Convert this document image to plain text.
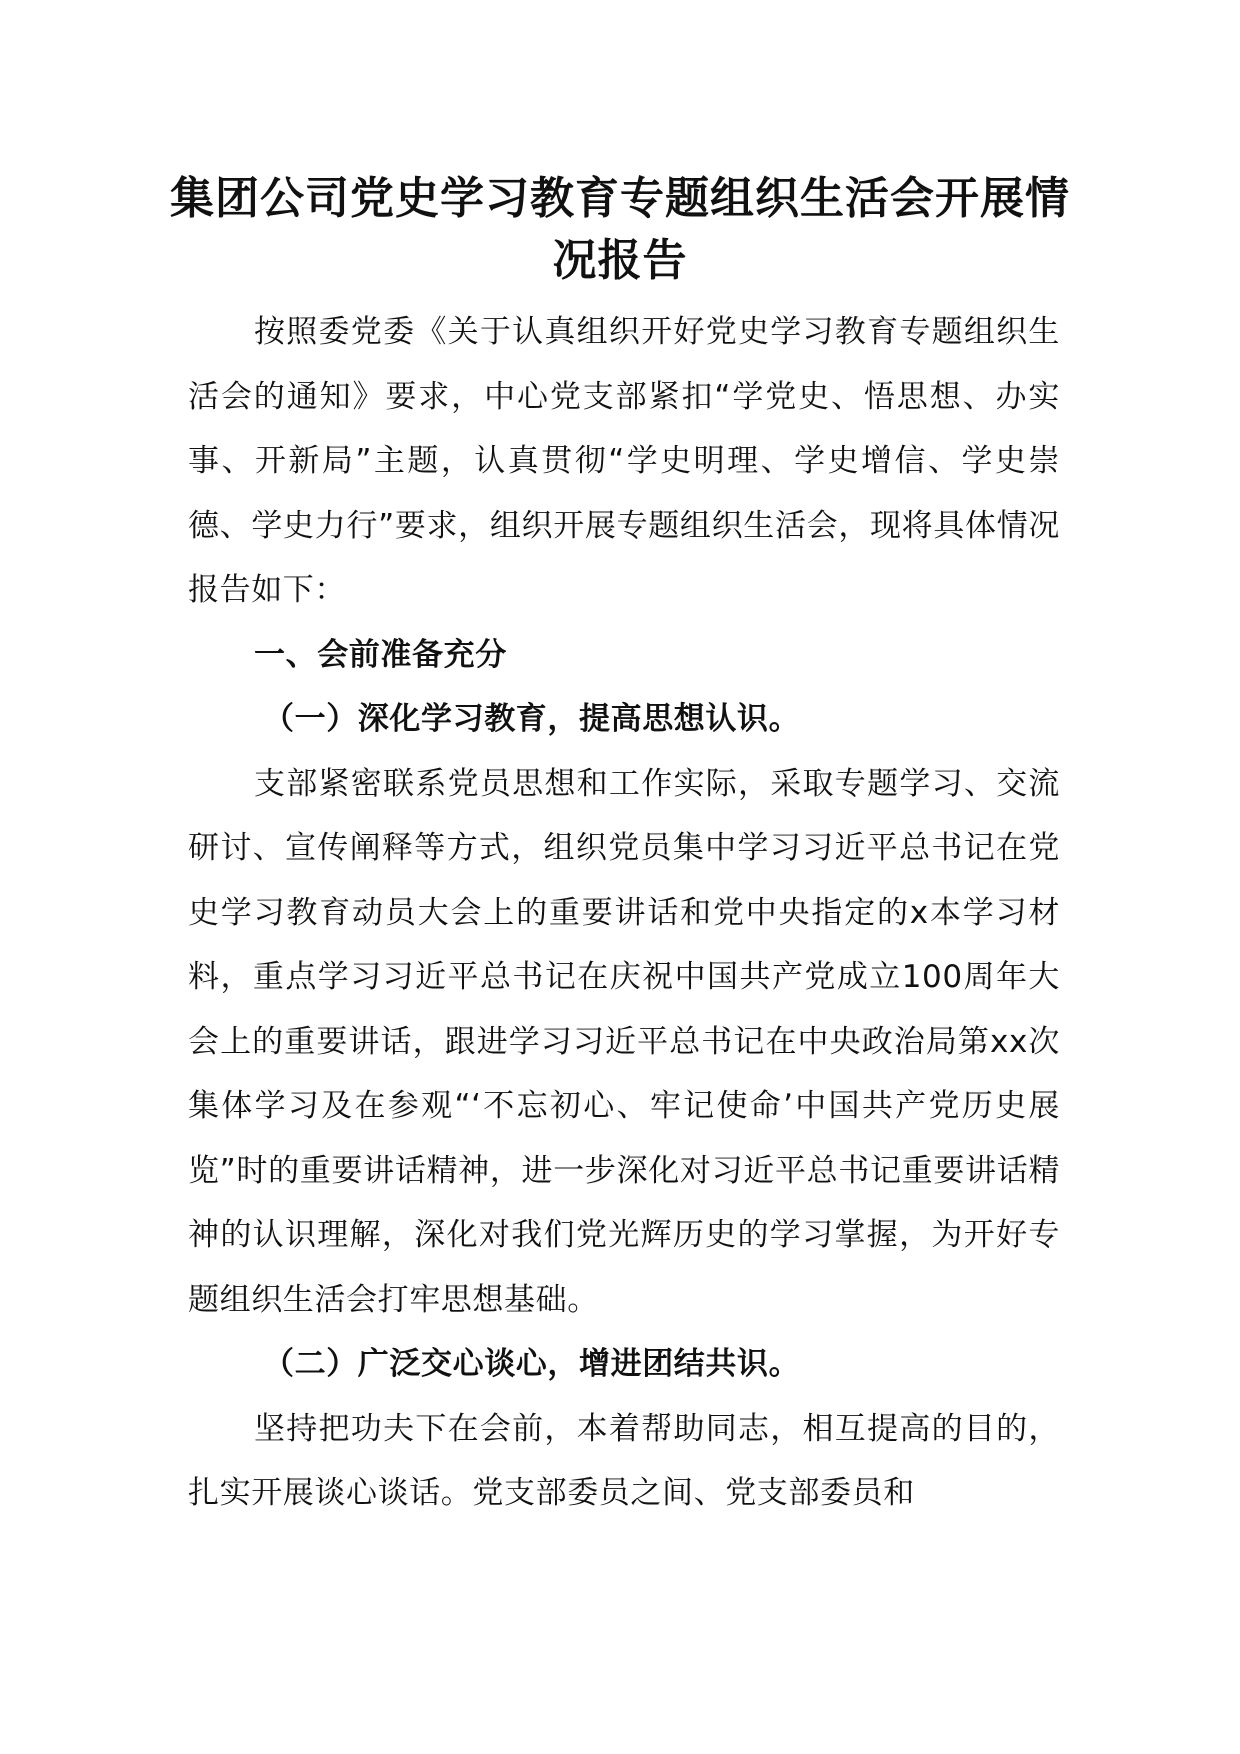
集团公司党史学习教育专题组织生活会开展情况报告

按照委党委《关于认真组织开好党史学习教育专题组织生活会的通知》要求，中心党支部紧扣“学党史、悟思想、办实事、开新局”主题，认真贯彻“学史明理、学史增信、学史崇德、学史力行”要求，组织开展专题组织生活会，现将具体情况报告如下：

一、会前准备充分

（一）深化学习教育，提高思想认识。

支部紧密联系党员思想和工作实际，采取专题学习、交流研讨、宣传阐释等方式，组织党员集中学习习近平总书记在党史学习教育动员大会上的重要讲话和党中央指定的x本学习材料，重点学习习近平总书记在庆祝中国共产党成立100周年大会上的重要讲话，跟进学习习近平总书记在中央政治局第xx次集体学习及在参观“‘不忘初心、牢记使命’中国共产党历史展览”时的重要讲话精神，进一步深化对习近平总书记重要讲话精神的认识理解，深化对我们党光辉历史的学习掌握，为开好专题组织生活会打牢思想基础。

（二）广泛交心谈心，增进团结共识。

坚持把功夫下在会前，本着帮助同志，相互提高的目的，扎实开展谈心谈话。党支部委员之间、党支部委员和
